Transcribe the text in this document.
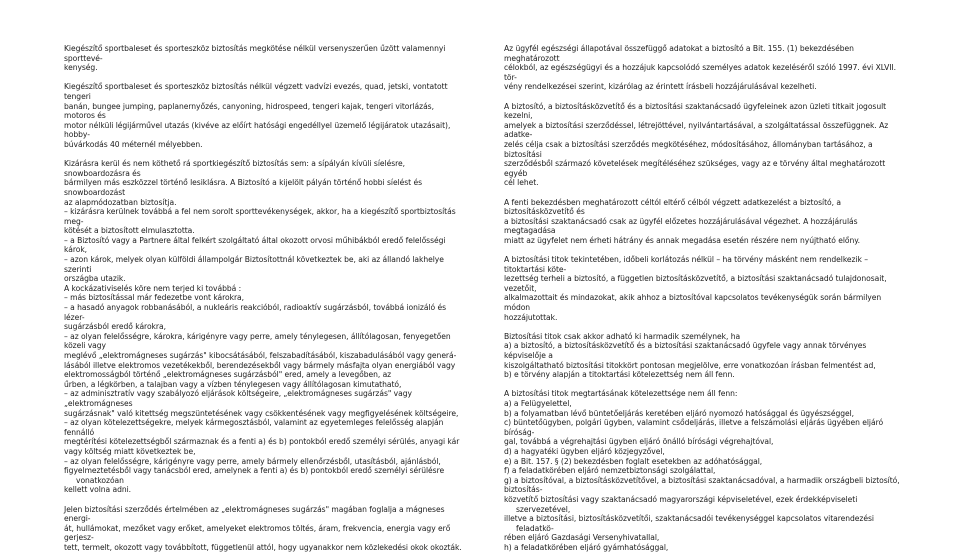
Kiegészítő sportbaleset és sporteszköz biztosítás megkötése nélkül versenyszerűen űzött valamennyi sporttevé-
kenység.
Kiegészítő sportbaleset és sporteszköz biztosítás nélkül végzett vadvízi evezés, quad, jetski, vontatott tengeri
banán, bungee jumping, paplanernyőzés, canyoning, hidrospeed, tengeri kajak, tengeri vitorlázás, motoros és
motor nélküli légijárművel utazás (kivéve az előírt hatósági engedéllyel üzemelő légijáratok utazásait), hobby-
búvárkodás 40 méternél mélyebben.
Kizárásra kerül és nem köthető rá sportkiegészítő biztosítás sem: a sípályán kívüli síelésre, snowboardozásra és
bármilyen más eszközzel történő lesiklásra. A Biztosító a kijelölt pályán történő hobbi síelést és snowboardozást
az alapmódozatban biztosítja.
– kizárásra kerülnek továbbá a fel nem sorolt sporttevékenységek, akkor, ha a kiegészítő sportbiztosítás meg-
kötését a biztosított elmulasztotta.
– a Biztosító vagy a Partnere által felkért szolgáltató által okozott orvosi műhibákból eredő felelősségi károk,
– azon károk, melyek olyan külföldi állampolgár Biztosítottnál következtek be, aki az állandó lakhelye szerinti
országba utazik.
A kockázativiselés köre nem terjed ki továbbá :
– más biztosítással már fedezetbe vont károkra,
– a hasadó anyagok robbanásából, a nukleáris reakcióból, radioaktív sugárzásból, továbbá ionizáló és lézer-
sugárzásból eredő károkra,
– az olyan felelősségre, károkra, kárigényre vagy perre, amely ténylegesen, állítólagosan, fenyegetően közeli vagy
meglévő „elektromágneses sugárzás" kibocsátásából, felszabadításából, kiszabadulásából vagy generá-
lásából illetve elektromos vezetékekből, berendezésekből vagy bármely másfajta olyan energiából vagy
elektromosságból történő „elektromágneses sugárzásból" ered, amely a levegőben, az
űrben, a légkörben, a talajban vagy a vízben ténylegesen vagy állítólagosan kimutatható,
– az adminisztratív vagy szabályozó eljárások költségeire, „elektromágneses sugárzás" vagy „elektromágneses
sugárzásnak" való kitettség megszüntetésének vagy csökkentésének vagy megfigyelésének költségeire,
– az olyan kötelezettségekre, melyek kármegosztásból, valamint az egyetemleges felelősség alapján fennálló
megtérítési kötelezettségből származnak és a fenti a) és b) pontokból eredő személyi sérülés, anyagi kár
vagy költség miatt következtek be,
– az olyan felelősségre, kárigényre vagy perre, amely bármely ellenőrzésből, utasításból, ajánlásból,
figyelmeztetésből vagy tanácsból ered, amelynek a fenti a) és b) pontokból eredő személyi sérülésre vonatkozóan
kellett volna adni.
Jelen biztosítási szerződés értelmében az „elektromágneses sugárzás" magában foglalja a mágneses energi-
át, hullámokat, mezőket vagy erőket, amelyeket elektromos töltés, áram, frekvencia, energia vagy erő gerjesz-
tett, termelt, okozott vagy továbbított, függetlenül attól, hogy ugyanakkor nem közlekedési okok okozták.
Az ügyfél egészségi állapotával összefüggő adatokat a biztosító a Bit. 155. (1) bekezdésében meghatározott
célokból, az egészségügyi és a hozzájuk kapcsolódó személyes adatok kezeléséről szóló 1997. évi XLVII. tör-
vény rendelkezései szerint, kizárólag az érintett írásbeli hozzájárulásával kezelheti.
A biztosító, a biztosításközvetítő és a biztosítási szaktanácsadó ügyfeleinek azon üzleti titkait jogosult kezelni,
amelyek a biztosítási szerződéssel, létrejöttével, nyilvántartásával, a szolgáltatással összefüggnek. Az adatke-
zelés célja csak a biztosítási szerződés megkötéséhez, módosításához, állományban tartásához, a biztosítási
szerződésből származó követelések megítéléséhez szükséges, vagy az e törvény által meghatározott egyéb
cél lehet.
A fenti bekezdésben meghatározott céltól eltérő célból végzett adatkezelést a biztosító, a biztosításközvetítő és
a biztosítási szaktanácsadó csak az ügyfél előzetes hozzájárulásával végezhet. A hozzájárulás megtagadása
miatt az ügyfelet nem érheti hátrány és annak megadása esetén részére nem nyújtható előny.
A biztosítási titok tekintetében, időbeli korlátozás nélkül – ha törvény másként nem rendelkezik – titoktartási köte-
lezettség terheli a biztosító, a független biztosításközvetítő, a biztosítási szaktanácsadó tulajdonosait, vezetőit,
alkalmazottait és mindazokat, akik ahhoz a biztosítóval kapcsolatos tevékenységük során bármilyen módon
hozzájutottak.
Biztosítási titok csak akkor adható ki harmadik személynek, ha
a) a biztosító, a biztosításközvetítő és a biztosítási szaktanácsadó ügyfele vagy annak törvényes képviselője a
kiszolgáltatható biztosítási titokkört pontosan megjelölve, erre vonatkozóan írásban felmentést ad,
b) e törvény alapján a titoktartási kötelezettség nem áll fenn.
A biztosítási titok megtartásának kötelezettsége nem áll fenn:
a) a Felügyelettel,
b) a folyamatban lévő büntetőeljárás keretében eljáró nyomozó hatósággal és ügyészséggel,
c) büntetőügyben, polgári ügyben, valamint csődeljárás, illetve a felszámolási eljárás ügyében eljáró bíróság-
gal, továbbá a végrehajtási ügyben eljáró önálló bírósági végrehajtóval,
d) a hagyatéki ügyben eljáró közjegyzővel,
e) a Bit. 157. § (2) bekezdésben foglalt esetekben az adóhatósággal,
f) a feladatkörében eljáró nemzetbiztonsági szolgálattal,
g) a biztosítóval, a biztosításközvetítővel, a biztosítási szaktanácsadóval, a harmadik országbeli biztosító, biztosítás-
közvetítő biztosítási vagy szaktanácsadó magyarországi képviseletével, ezek érdekképviseleti szervezetével,
illetve a biztosítási, biztosításközvetítői, szaktanácsadói tevékenységgel kapcsolatos vitarendezési feladatkö-
rében eljáró Gazdasági Versenyhivatallal,
h) a feladatkörében eljáró gyámhatósággal,
